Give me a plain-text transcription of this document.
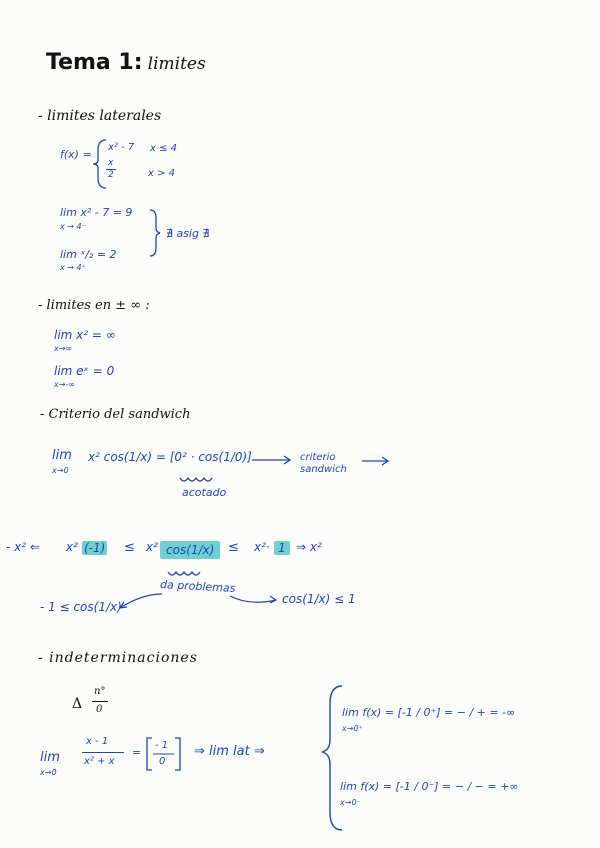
Tema 1: limites
- limites laterales
f(x) =
x² - 7 x ≤ 4
x
2	x > 4
lim x² - 7 = 9
x → 4⁻
lim ˣ/₂ = 2
x → 4⁺
∄ asig ∄
- limites en ± ∞ :
lim x² = ∞
x→∞
lim eˣ = 0
x→-∞
- Criterio del sandwich
lim
x→0
x² cos(1/x) = [0² · cos(1/0)]
acotado
criterio
sandwich
- x² ⇐ x² (-1) ≤ x² cos(1/x)	≤ x²· 1 ⇒ x²
da problemas
- 1 ≤ cos(1/x)
cos(1/x) ≤ 1
- indeterminaciones
Δ
n°
0
lim
x→0
x - 1
x² + x
=
- 1
0
⇒ lim lat ⇒
lim f(x) = [-1 / 0⁺] = − / + = -∞
x→0⁺
lim f(x) = [-1 / 0⁻] = − / − = +∞
x→0⁻
